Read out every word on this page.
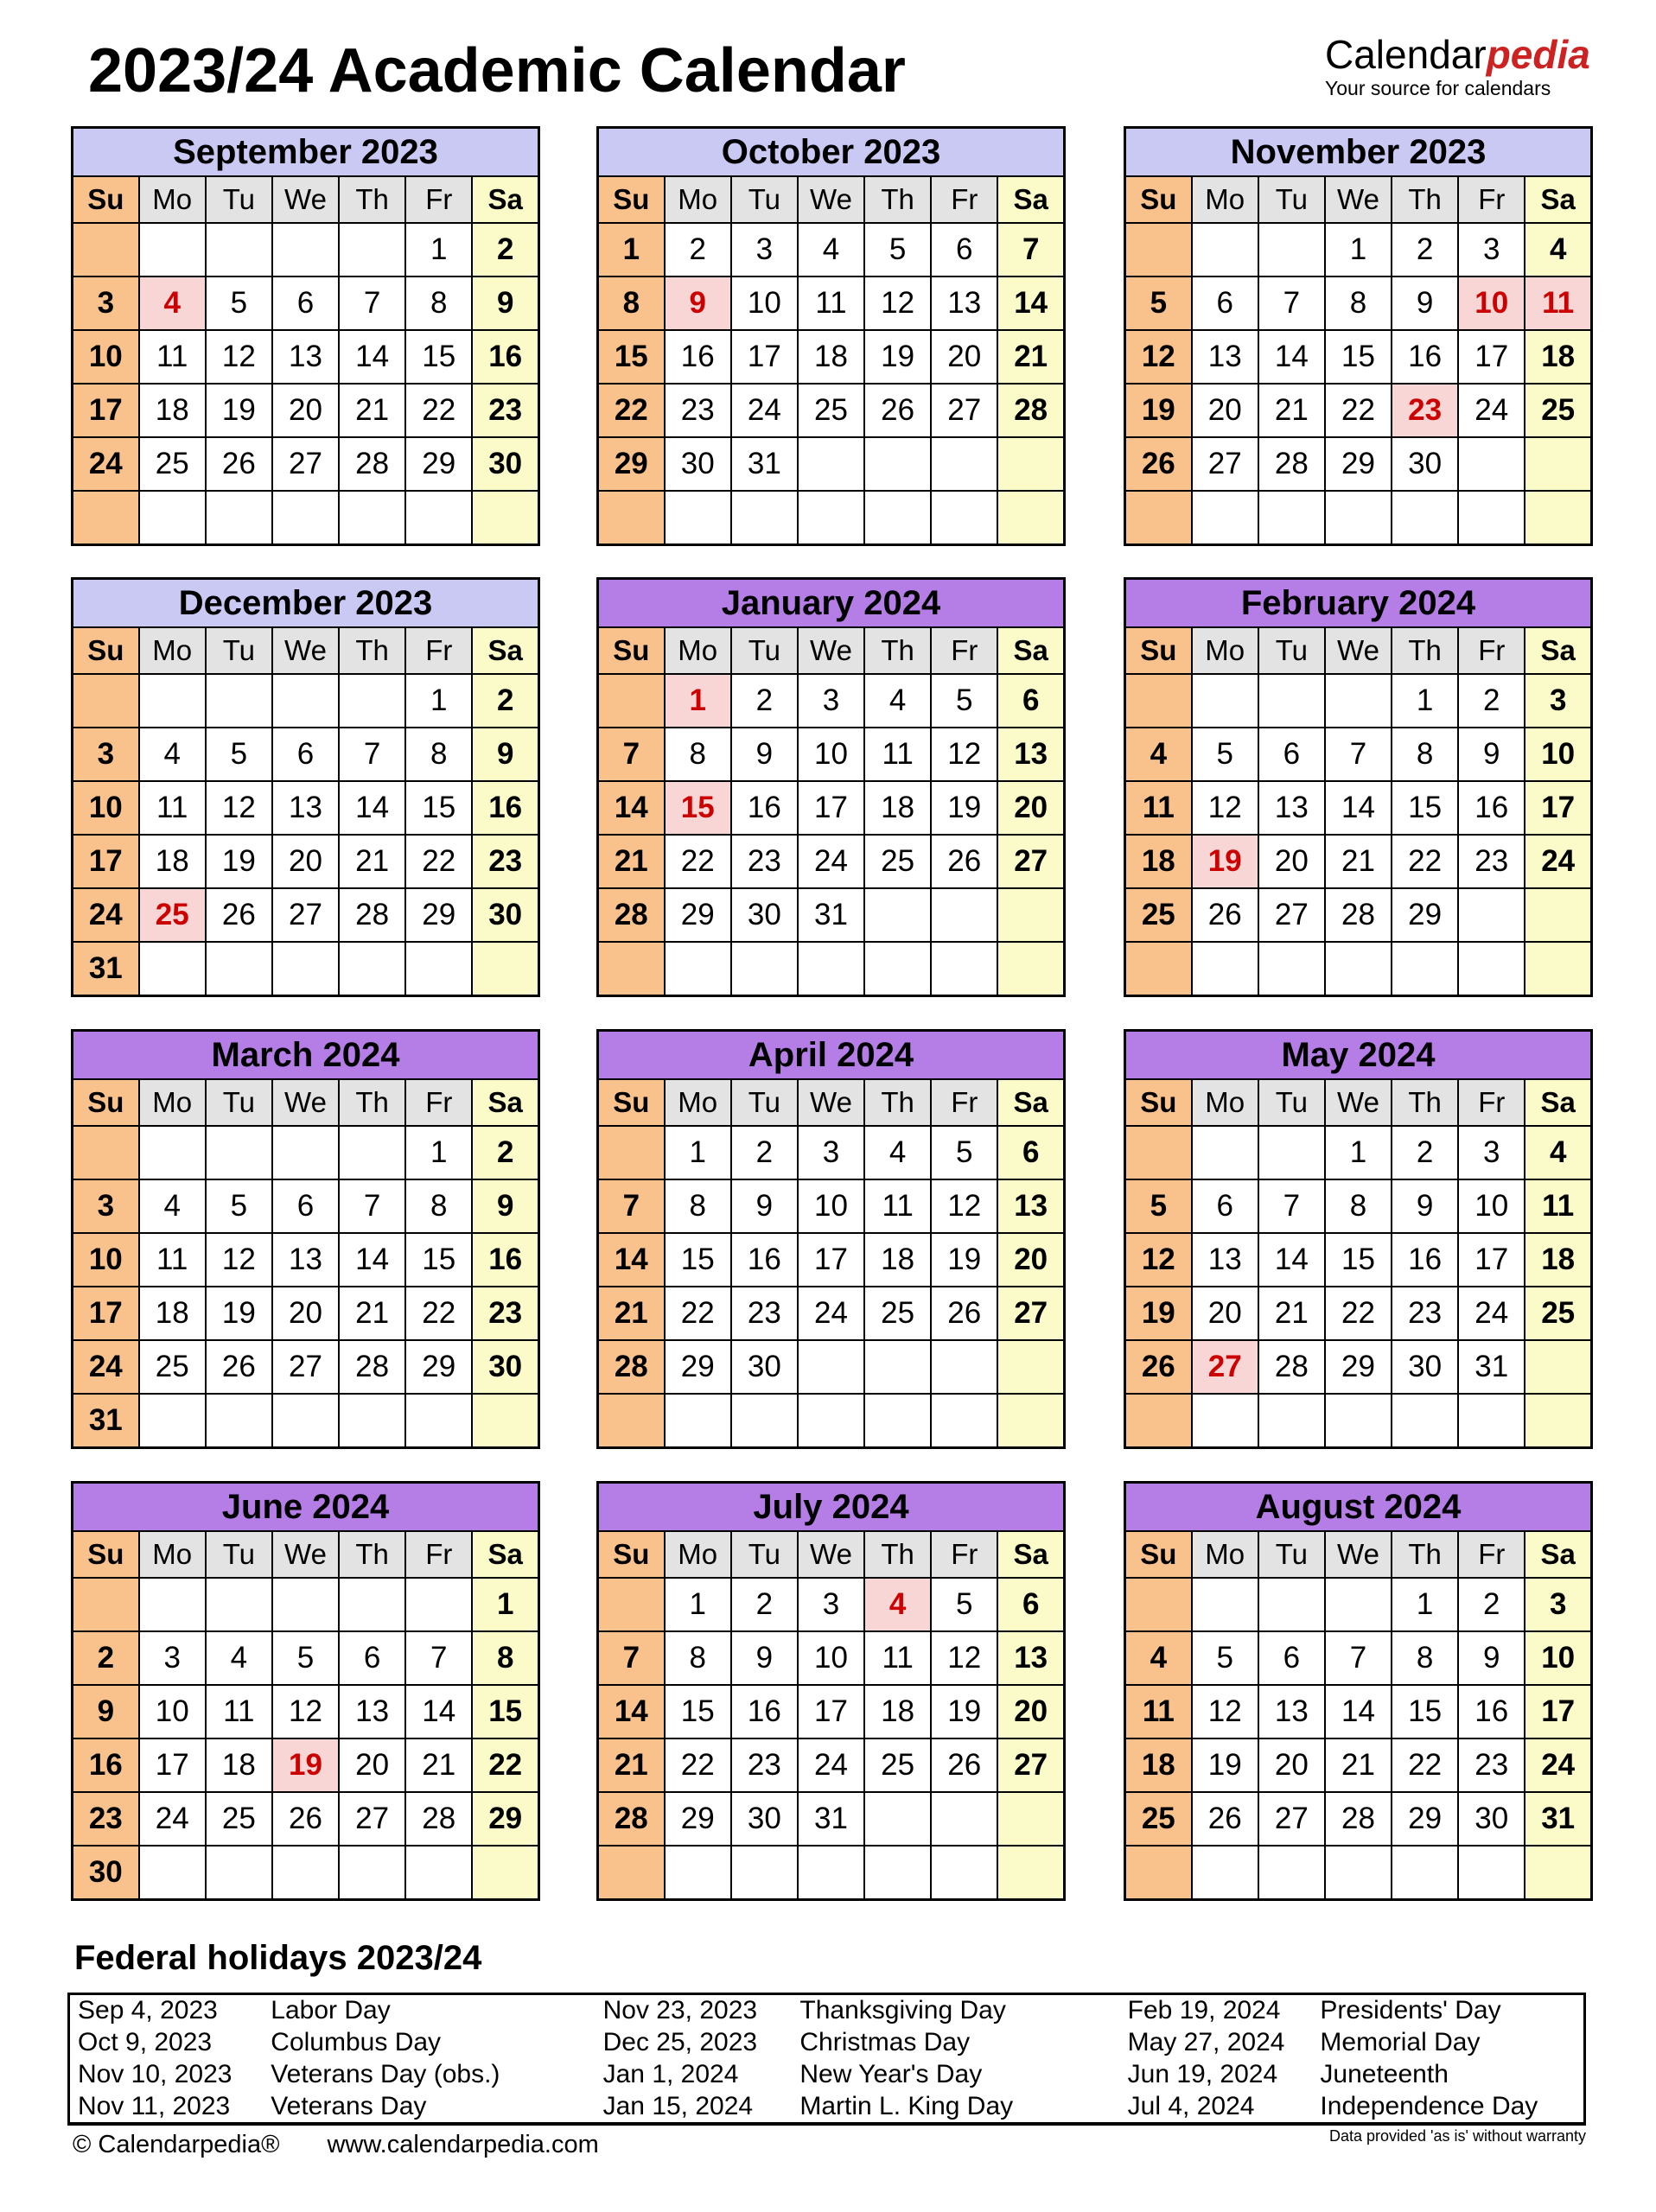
2023/24 Academic Calendar	Calendarpedia
Your source for calendars
September 2023						
Su	Mo	Tu	We	Th	Fr	Sa
					1	2
3	4	5	6	7	8	9
10	11	12	13	14	15	16
17	18	19	20	21	22	23
24	25	26	27	28	29	30

October 2023						
Su	Mo	Tu	We	Th	Fr	Sa
1	2	3	4	5	6	7
8	9	10	11	12	13	14
15	16	17	18	19	20	21
22	23	24	25	26	27	28
29	30	31				

November 2023						
Su	Mo	Tu	We	Th	Fr	Sa
			1	2	3	4
5	6	7	8	9	10	11
12	13	14	15	16	17	18
19	20	21	22	23	24	25
26	27	28	29	30		

December 2023						
Su	Mo	Tu	We	Th	Fr	Sa
					1	2
3	4	5	6	7	8	9
10	11	12	13	14	15	16
17	18	19	20	21	22	23
24	25	26	27	28	29	30
31						
January 2024						
Su	Mo	Tu	We	Th	Fr	Sa
	1	2	3	4	5	6
7	8	9	10	11	12	13
14	15	16	17	18	19	20
21	22	23	24	25	26	27
28	29	30	31			

February 2024						
Su	Mo	Tu	We	Th	Fr	Sa
				1	2	3
4	5	6	7	8	9	10
11	12	13	14	15	16	17
18	19	20	21	22	23	24
25	26	27	28	29		

March 2024						
Su	Mo	Tu	We	Th	Fr	Sa
					1	2
3	4	5	6	7	8	9
10	11	12	13	14	15	16
17	18	19	20	21	22	23
24	25	26	27	28	29	30
31						
April 2024						
Su	Mo	Tu	We	Th	Fr	Sa
	1	2	3	4	5	6
7	8	9	10	11	12	13
14	15	16	17	18	19	20
21	22	23	24	25	26	27
28	29	30				

May 2024						
Su	Mo	Tu	We	Th	Fr	Sa
			1	2	3	4
5	6	7	8	9	10	11
12	13	14	15	16	17	18
19	20	21	22	23	24	25
26	27	28	29	30	31	

June 2024						
Su	Mo	Tu	We	Th	Fr	Sa
						1
2	3	4	5	6	7	8
9	10	11	12	13	14	15
16	17	18	19	20	21	22
23	24	25	26	27	28	29
30						
July 2024						
Su	Mo	Tu	We	Th	Fr	Sa
	1	2	3	4	5	6
7	8	9	10	11	12	13
14	15	16	17	18	19	20
21	22	23	24	25	26	27
28	29	30	31			

August 2024						
Su	Mo	Tu	We	Th	Fr	Sa
				1	2	3
4	5	6	7	8	9	10
11	12	13	14	15	16	17
18	19	20	21	22	23	24
25	26	27	28	29	30	31

Federal holidays 2023/24
Sep 4, 2023	Labor Day	Nov 23, 2023	Thanksgiving Day	Feb 19, 2024	Presidents' Day
Oct 9, 2023	Columbus Day	Dec 25, 2023	Christmas Day	May 27, 2024	Memorial Day
Nov 10, 2023	Veterans Day (obs.)	Jan 1, 2024	New Year's Day	Jun 19, 2024	Juneteenth
Nov 11, 2023	Veterans Day	Jan 15, 2024	Martin L. King Day	Jul 4, 2024	Independence Day
© Calendarpedia® www.calendarpedia.com	Data provided 'as is' without warranty
